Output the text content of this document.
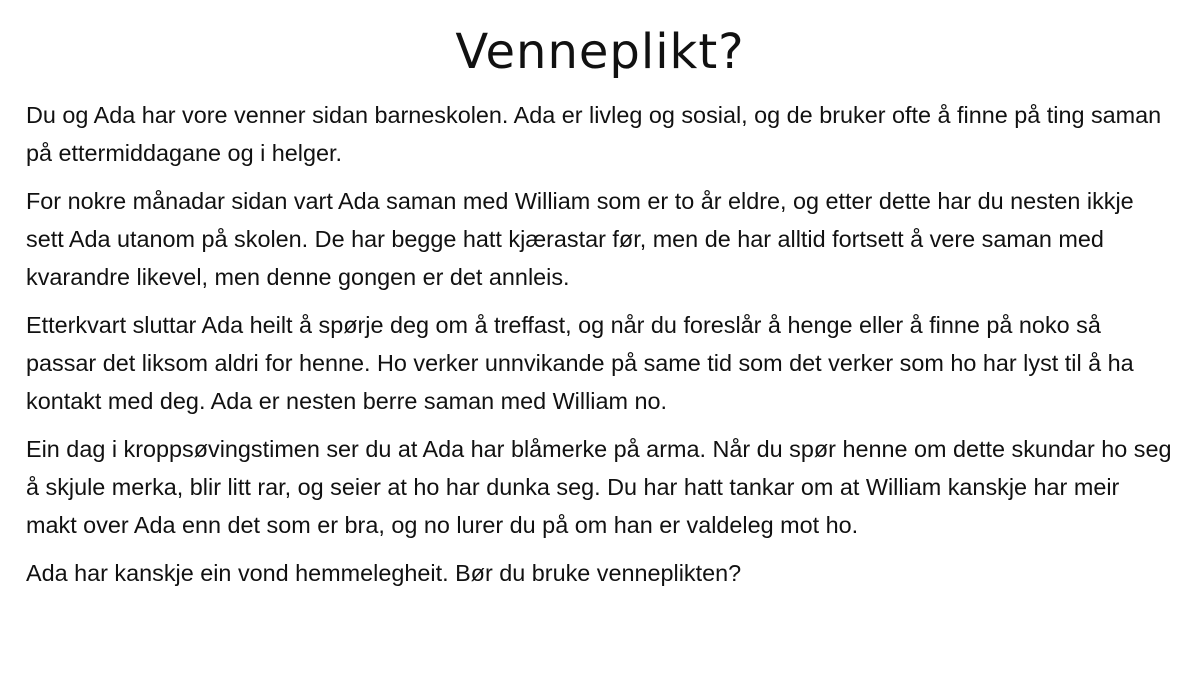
Venneplikt?

Du og Ada har vore venner sidan barneskolen. Ada er livleg og sosial, og de bruker ofte å finne på ting saman på ettermiddagane og i helger.

For nokre månadar sidan vart Ada saman med William som er to år eldre, og etter dette har du nesten ikkje sett Ada utanom på skolen. De har begge hatt kjærastar før, men de har alltid fortsett å vere saman med kvarandre likevel, men denne gongen er det annleis.

Etterkvart sluttar Ada heilt å spørje deg om å treffast, og når du foreslår å henge eller å finne på noko så passar det liksom aldri for henne. Ho verker unnvikande på same tid som det verker som ho har lyst til å ha kontakt med deg. Ada er nesten berre saman med William no.

Ein dag i kroppsøvingstimen ser du at Ada har blåmerke på arma. Når du spør henne om dette skundar ho seg å skjule merka, blir litt rar, og seier at ho har dunka seg. Du har hatt tankar om at William kanskje har meir makt over Ada enn det som er bra, og no lurer du på om han er valdeleg mot ho.

Ada har kanskje ein vond hemmelegheit. Bør du bruke venneplikten?
